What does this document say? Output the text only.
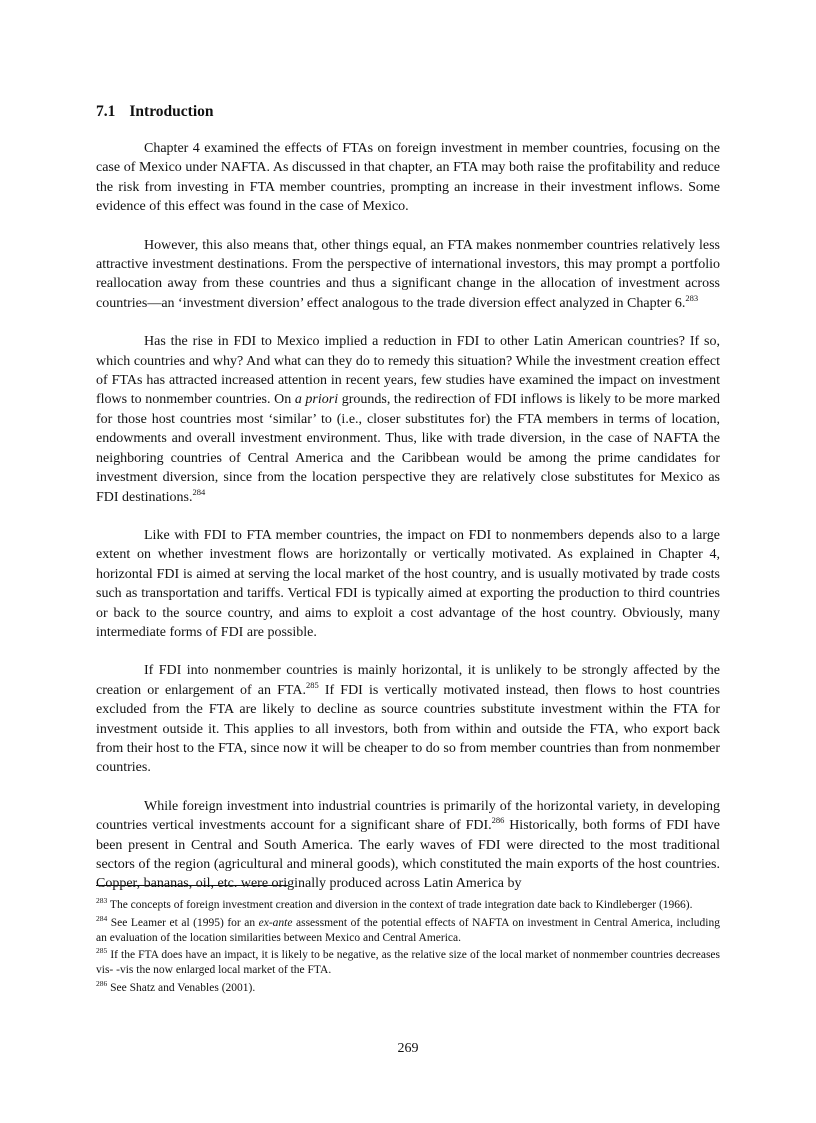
7.1 Introduction

Chapter 4 examined the effects of FTAs on foreign investment in member countries, focusing on the case of Mexico under NAFTA. As discussed in that chapter, an FTA may both raise the profitability and reduce the risk from investing in FTA member countries, prompting an increase in their investment inflows. Some evidence of this effect was found in the case of Mexico.

However, this also means that, other things equal, an FTA makes nonmember countries relatively less attractive investment destinations. From the perspective of international investors, this may prompt a portfolio reallocation away from these countries and thus a significant change in the allocation of investment across countries—an ‘investment diversion’ effect analogous to the trade diversion effect analyzed in Chapter 6.$^{283}$

Has the rise in FDI to Mexico implied a reduction in FDI to other Latin American countries? If so, which countries and why? And what can they do to remedy this situation? While the investment creation effect of FTAs has attracted increased attention in recent years, few studies have examined the impact on investment flows to nonmember countries. On a priori grounds, the redirection of FDI inflows is likely to be more marked for those host countries most ‘similar’ to (i.e., closer substitutes for) the FTA members in terms of location, endowments and overall investment environment. Thus, like with trade diversion, in the case of NAFTA the neighboring countries of Central America and the Caribbean would be among the prime candidates for investment diversion, since from the location perspective they are relatively close substitutes for Mexico as FDI destinations.$^{284}$

Like with FDI to FTA member countries, the impact on FDI to nonmembers depends also to a large extent on whether investment flows are horizontally or vertically motivated. As explained in Chapter 4, horizontal FDI is aimed at serving the local market of the host country, and is usually motivated by trade costs such as transportation and tariffs. Vertical FDI is typically aimed at exporting the production to third countries or back to the source country, and aims to exploit a cost advantage of the host country. Obviously, many intermediate forms of FDI are possible.

If FDI into nonmember countries is mainly horizontal, it is unlikely to be strongly affected by the creation or enlargement of an FTA.$^{285}$ If FDI is vertically motivated instead, then flows to host countries excluded from the FTA are likely to decline as source countries substitute investment within the FTA for investment outside it. This applies to all investors, both from within and outside the FTA, who export back from their host to the FTA, since now it will be cheaper to do so from member countries than from nonmember countries.

While foreign investment into industrial countries is primarily of the horizontal variety, in developing countries vertical investments account for a significant share of FDI.$^{286}$ Historically, both forms of FDI have been present in Central and South America. The early waves of FDI were directed to the most traditional sectors of the region (agricultural and mineral goods), which constituted the main exports of the host countries. Copper, bananas, oil, etc. were originally produced across Latin America by

$^{283}$ The concepts of foreign investment creation and diversion in the context of trade integration date back to Kindleberger (1966).
$^{284}$ See Leamer et al (1995) for an ex-ante assessment of the potential effects of NAFTA on investment in Central America, including an evaluation of the location similarities between Mexico and Central America.
$^{285}$ If the FTA does have an impact, it is likely to be negative, as the relative size of the local market of nonmember countries decreases vis- -vis the now enlarged local market of the FTA.
$^{286}$ See Shatz and Venables (2001).
269
